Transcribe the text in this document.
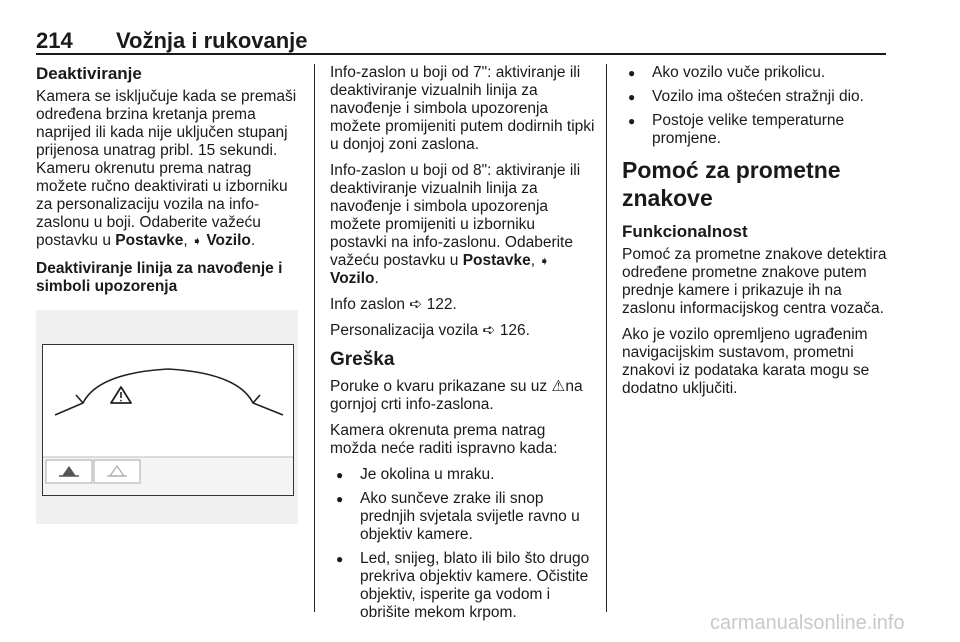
214 Vožnja i rukovanje
Deaktiviranje

Kamera se isključuje kada se premaši određena brzina kretanja prema naprijed ili kada nije uključen stupanj prijenosa unatrag pribl. 15 sekundi. Kameru okrenutu prema natrag možete ručno deaktivirati u izborniku za personalizaciju vozila na info-zaslonu u boji. Odaberite važeću postavku u Postavke, ➧ Vozilo.

Deaktiviranje linija za navođenje i simboli upozorenja

Info-zaslon u boji od 7": aktiviranje ili deaktiviranje vizualnih linija za navođenje i simbola upozorenja možete promijeniti putem dodirnih tipki u donjoj zoni zaslona.

Info-zaslon u boji od 8": aktiviranje ili deaktiviranje vizualnih linija za navođenje i simbola upozorenja možete promijeniti u izborniku postavki na info-zaslonu. Odaberite važeću postavku u Postavke, ➧
Vozilo.

Info zaslon ➪ 122.

Personalizacija vozila ➪ 126.

Greška

Poruke o kvaru prikazane su uz ⚠na gornjoj crti info-zaslona.

Kamera okrenuta prema natrag možda neće raditi ispravno kada:

● Je okolina u mraku.
● Ako sunčeve zrake ili snop prednjih svjetala svijetle ravno u objektiv kamere.
● Led, snijeg, blato ili bilo što drugo prekriva objektiv kamere. Očistite objektiv, isperite ga vodom i obrišite mekom krpom.
● Ako vozilo vuče prikolicu.
● Vozilo ima oštećen stražnji dio.
● Postoje velike temperaturne promjene.
Pomoć za prometne znakove
Funkcionalnost

Pomoć za prometne znakove detektira određene prometne znakove putem prednje kamere i prikazuje ih na zaslonu informacijskog centra vozača.

Ako je vozilo opremljeno ugrađenim navigacijskim sustavom, prometni znakovi iz podataka karata mogu se dodatno uključiti.

carmanualsonline.info
